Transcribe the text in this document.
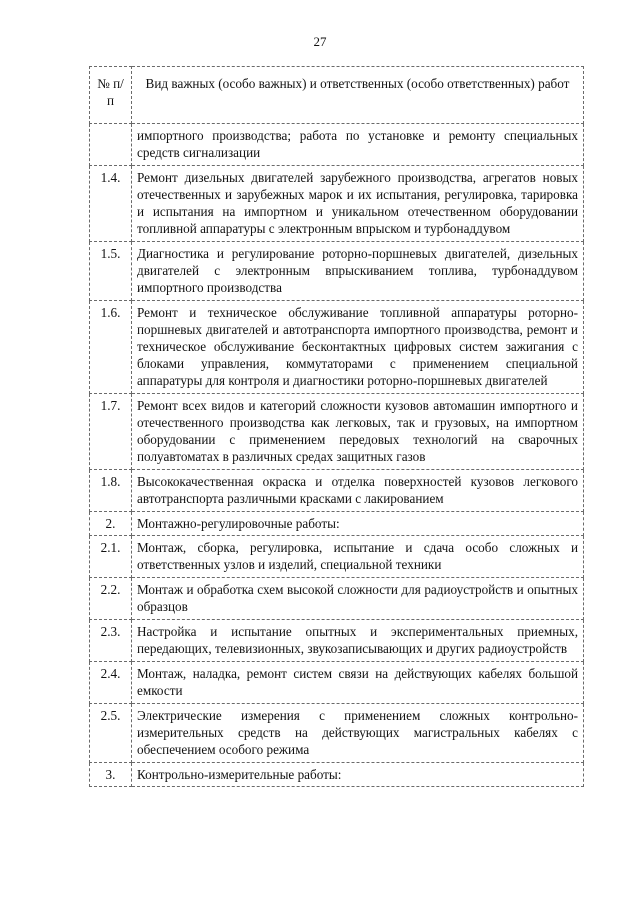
27
№ п/п	Вид важных (особо важных) и ответственных (особо ответственных) работ
	импортного производства; работа по установке и ремонту специальных средств сигнализации
1.4.	Ремонт дизельных двигателей зарубежного производства, агрегатов новых отечественных и зарубежных марок и их испытания, регулировка, тарировка и испытания на импортном и уникальном отечественном оборудовании топливной аппаратуры с электронным впрыском и турбонаддувом
1.5.	Диагностика и регулирование роторно-поршневых двигателей, дизельных двигателей с электронным впрыскиванием топлива, турбонаддувом импортного производства
1.6.	Ремонт и техническое обслуживание топливной аппаратуры роторно-поршневых двигателей и автотранспорта импортного производства, ремонт и техническое обслуживание бесконтактных цифровых систем зажигания с блоками управления, коммутаторами с применением специальной аппаратуры для контроля и диагностики роторно-поршневых двигателей
1.7.	Ремонт всех видов и категорий сложности кузовов автомашин импортного и отечественного производства как легковых, так и грузовых, на импортном оборудовании с применением передовых технологий на сварочных полуавтоматах в различных средах защитных газов
1.8.	Высококачественная окраска и отделка поверхностей кузовов легкового автотранспорта различными красками с лакированием
2.	Монтажно-регулировочные работы:
2.1.	Монтаж, сборка, регулировка, испытание и сдача особо сложных и ответственных узлов и изделий, специальной техники
2.2.	Монтаж и обработка схем высокой сложности для радиоустройств и опытных образцов
2.3.	Настройка и испытание опытных и экспериментальных приемных, передающих, телевизионных, звукозаписывающих и других радиоустройств
2.4.	Монтаж, наладка, ремонт систем связи на действующих кабелях большой емкости
2.5.	Электрические измерения с применением сложных контрольно-измерительных средств на действующих магистральных кабелях с обеспечением особого режима
3.	Контрольно-измерительные работы:
